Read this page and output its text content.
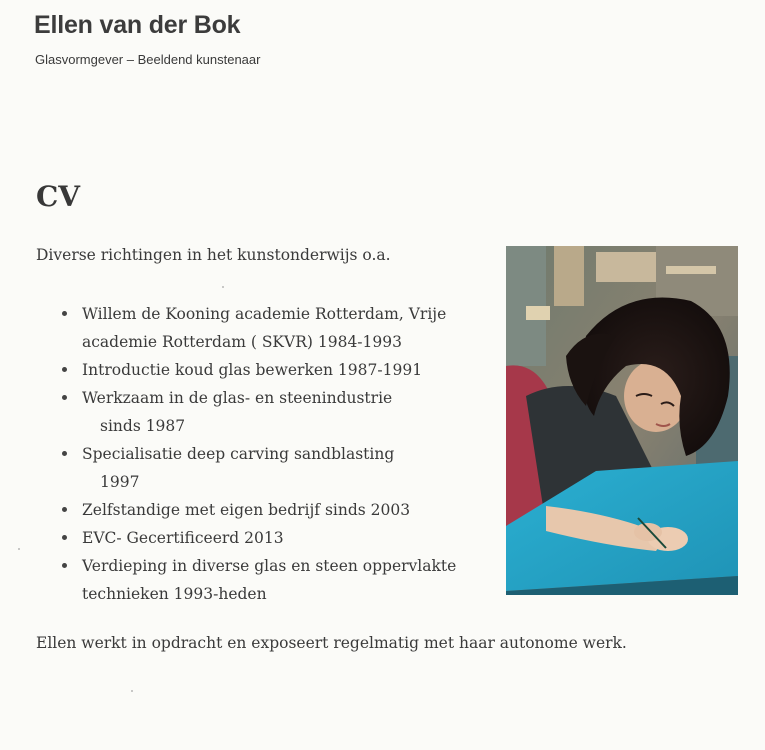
Ellen van der Bok

Glasvormgever – Beeldend kunstenaar

CV

Diverse richtingen in het kunstonderwijs o.a.

Willem de Kooning academie Rotterdam, Vrije
academie Rotterdam ( SKVR) 1984-1993
Introductie koud glas bewerken 1987-1991
Werkzaam in de glas- en steenindustrie
sinds 1987
Specialisatie deep carving sandblasting
1997
Zelfstandige met eigen bedrijf sinds 2003
EVC- Gecertificeerd 2013
Verdieping in diverse glas en steen oppervlakte
technieken 1993-heden

Ellen werkt in opdracht en exposeert regelmatig met haar autonome werk.
